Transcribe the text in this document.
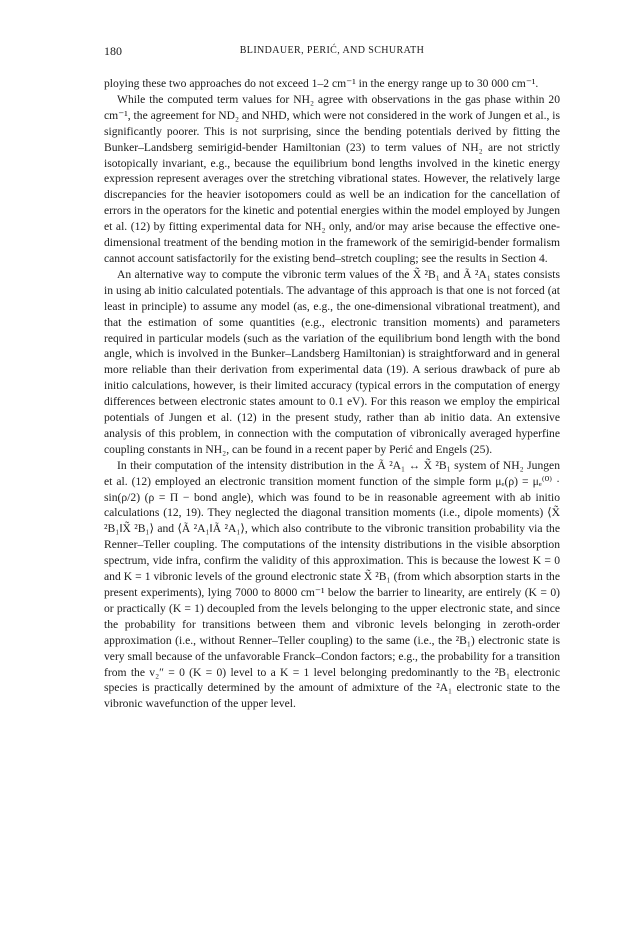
180	BLINDAUER, PERIĆ, AND SCHURATH

ploying these two approaches do not exceed 1–2 cm⁻¹ in the energy range up to 30 000 cm⁻¹.

While the computed term values for NH₂ agree with observations in the gas phase within 20 cm⁻¹, the agreement for ND₂ and NHD, which were not considered in the work of Jungen et al., is significantly poorer. This is not surprising, since the bending potentials derived by fitting the Bunker–Landsberg semirigid-bender Hamiltonian (23) to term values of NH₂ are not strictly isotopically invariant, e.g., because the equilibrium bond lengths involved in the kinetic energy expression represent averages over the stretching vibrational states. However, the relatively large discrepancies for the heavier isotopomers could as well be an indication for the cancellation of errors in the operators for the kinetic and potential energies within the model employed by Jungen et al. (12) by fitting experimental data for NH₂ only, and/or may arise because the effective one-dimensional treatment of the bending motion in the framework of the semirigid-bender formalism cannot account satisfactorily for the existing bend–stretch coupling; see the results in Section 4.

An alternative way to compute the vibronic term values of the X̃ ²B₁ and Ã ²A₁ states consists in using ab initio calculated potentials. The advantage of this approach is that one is not forced (at least in principle) to assume any model (as, e.g., the one-dimensional vibrational treatment), and that the estimation of some quantities (e.g., electronic transition moments) and parameters required in particular models (such as the variation of the equilibrium bond length with the bond angle, which is involved in the Bunker–Landsberg Hamiltonian) is straightforward and in general more reliable than their derivation from experimental data (19). A serious drawback of pure ab initio calculations, however, is their limited accuracy (typical errors in the computation of energy differences between electronic states amount to 0.1 eV). For this reason we employ the empirical potentials of Jungen et al. (12) in the present study, rather than ab initio data. An extensive analysis of this problem, in connection with the computation of vibronically averaged hyperfine coupling constants in NH₂, can be found in a recent paper by Perić and Engels (25).

In their computation of the intensity distribution in the Ã ²A₁ ↔ X̃ ²B₁ system of NH₂ Jungen et al. (12) employed an electronic transition moment function of the simple form μₑ(ρ) = μₑ⁽⁰⁾ · sin(ρ/2) (ρ = Π − bond angle), which was found to be in reasonable agreement with ab initio calculations (12, 19). They neglected the diagonal transition moments (i.e., dipole moments) ⟨X̃ ²B₁‖X̃ ²B₁⟩ and ⟨Ã ²A₁‖Ã ²A₁⟩, which also contribute to the vibronic transition probability via the Renner–Teller coupling. The computations of the intensity distributions in the visible absorption spectrum, vide infra, confirm the validity of this approximation. This is because the lowest K = 0 and K = 1 vibronic levels of the ground electronic state X̃ ²B₁ (from which absorption starts in the present experiments), lying 7000 to 8000 cm⁻¹ below the barrier to linearity, are entirely (K = 0) or practically (K = 1) decoupled from the levels belonging to the upper electronic state, and since the probability for transitions between them and vibronic levels belonging in zeroth-order approximation (i.e., without Renner–Teller coupling) to the same (i.e., the ²B₁) electronic state is very small because of the unfavorable Franck–Condon factors; e.g., the probability for a transition from the v₂″ = 0 (K = 0) level to a K = 1 level belonging predominantly to the ²B₁ electronic species is practically determined by the amount of admixture of the ²A₁ electronic state to the vibronic wavefunction of the upper level.
